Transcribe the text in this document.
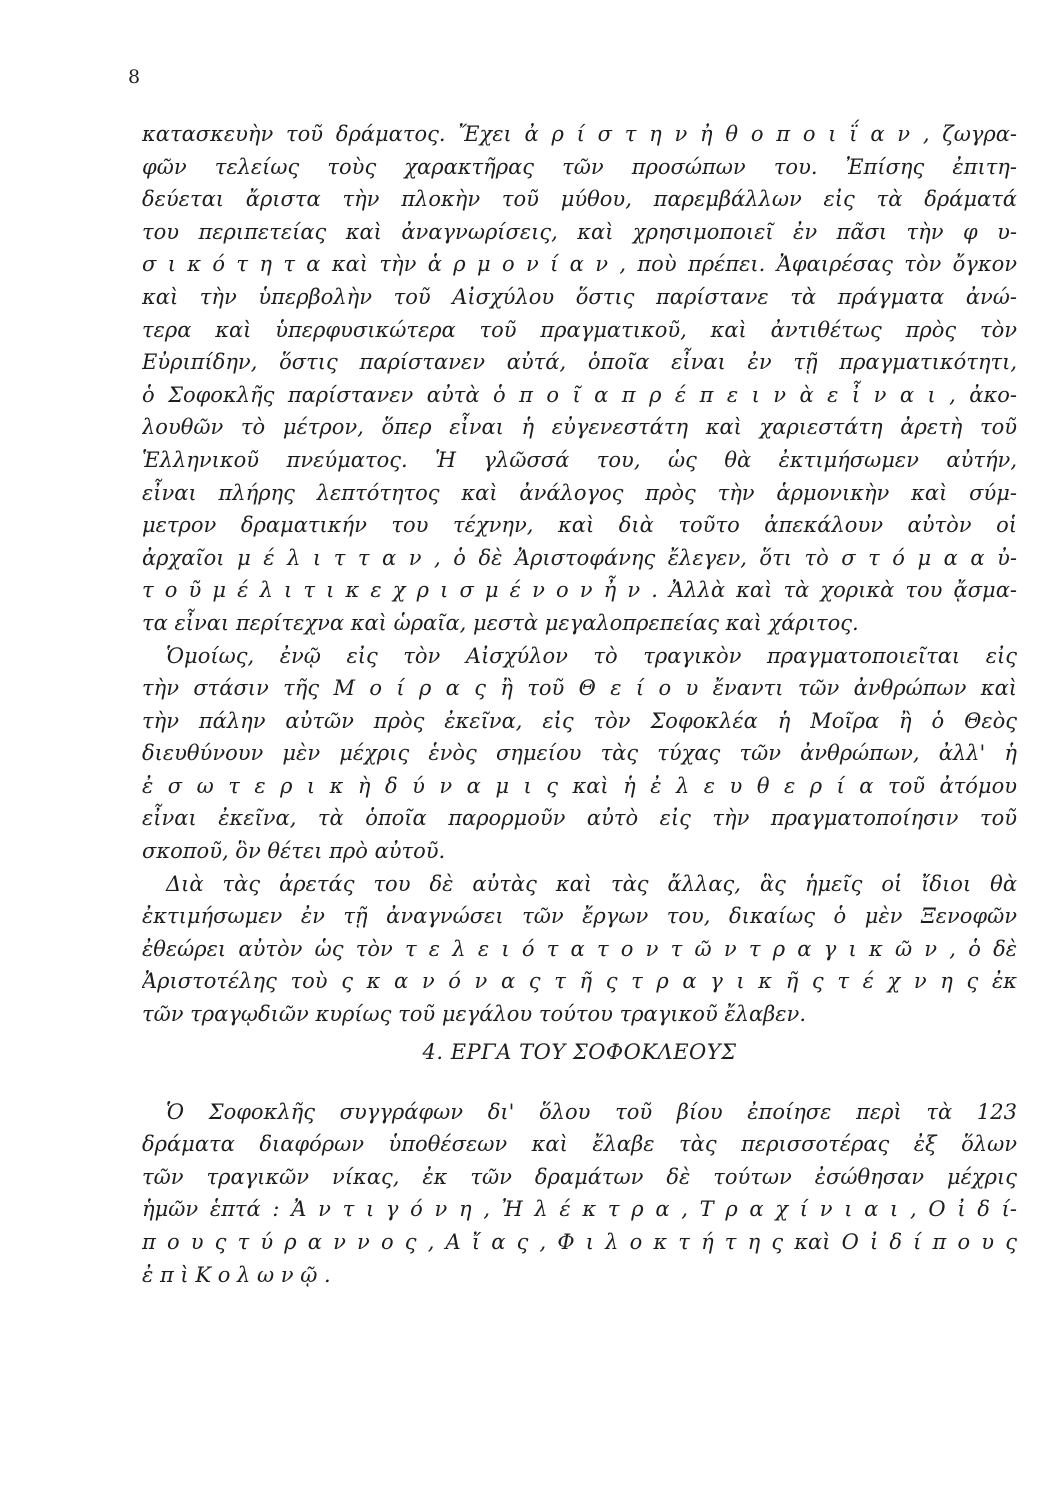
8
κατασκευὴν τοῦ δράματος. Ἔχει ἀ ρ ί σ τ η ν ἠ θ ο π ο ι ΐ α ν , ζωγρα-
φῶν τελείως τοὺς χαρακτῆρας τῶν προσώπων του. Ἐπίσης ἐπιτη-
δεύεται ἄριστα τὴν πλοκὴν τοῦ μύθου, παρεμβάλλων εἰς τὰ δράματά
του περιπετείας καὶ ἀναγνωρίσεις, καὶ χρησιμοποιεῖ ἐν πᾶσι τὴν φ υ-
σ ι κ ό τ η τ α καὶ τὴν ἁ ρ μ ο ν ί α ν , ποὺ πρέπει. Ἀφαιρέσας τὸν ὄγκον
καὶ τὴν ὑπερβολὴν τοῦ Αἰσχύλου ὅστις παρίστανε τὰ πράγματα ἀνώ-
τερα καὶ ὑπερφυσικώτερα τοῦ πραγματικοῦ, καὶ ἀντιθέτως πρὸς τὸν
Εὐριπίδην, ὅστις παρίστανεν αὐτά, ὁποῖα εἶναι ἐν τῇ πραγματικότητι,
ὁ Σοφοκλῆς παρίστανεν αὐτὰ ὁ π ο ῖ α π ρ έ π ε ι ν ὰ ε ἶ ν α ι , ἀκο-
λουθῶν τὸ μέτρον, ὅπερ εἶναι ἡ εὐγενεστάτη καὶ χαριεστάτη ἀρετὴ τοῦ
Ἑλληνικοῦ πνεύματος. Ἡ γλῶσσά του, ὡς θὰ ἐκτιμήσωμεν αὐτήν,
εἶναι πλήρης λεπτότητος καὶ ἀνάλογος πρὸς τὴν ἁρμονικὴν καὶ σύμ-
μετρον δραματικήν του τέχνην, καὶ διὰ τοῦτο ἀπεκάλουν αὐτὸν οἱ
ἀρχαῖοι μ έ λ ι τ τ α ν , ὁ δὲ Ἀριστοφάνης ἔλεγεν, ὅτι τὸ σ τ ό μ α α ὐ-
τ ο ῦ μ έ λ ι τ ι κ ε χ ρ ι σ μ έ ν ο ν ἦ ν . Ἀλλὰ καὶ τὰ χορικὰ του ᾄσμα-
τα εἶναι περίτεχνα καὶ ὡραῖα, μεστὰ μεγαλοπρεπείας καὶ χάριτος.
Ὁμοίως, ἐνῷ εἰς τὸν Αἰσχύλον τὸ τραγικὸν πραγματοποιεῖται εἰς
τὴν στάσιν τῆς Μ ο ί ρ α ς ἢ τοῦ Θ ε ί ο υ ἔναντι τῶν ἀνθρώπων καὶ
τὴν πάλην αὐτῶν πρὸς ἐκεῖνα, εἰς τὸν Σοφοκλέα ἡ Μοῖρα ἢ ὁ Θεὸς
διευθύνουν μὲν μέχρις ἑνὸς σημείου τὰς τύχας τῶν ἀνθρώπων, ἀλλ' ἡ
ἐ σ ω τ ε ρ ι κ ὴ δ ύ ν α μ ι ς καὶ ἡ ἐ λ ε υ θ ε ρ ί α τοῦ ἀτόμου
εἶναι ἐκεῖνα, τὰ ὁποῖα παρορμοῦν αὐτὸ εἰς τὴν πραγματοποίησιν τοῦ
σκοποῦ, ὃν θέτει πρὸ αὐτοῦ.
Διὰ τὰς ἀρετάς του δὲ αὐτὰς καὶ τὰς ἄλλας, ἃς ἡμεῖς οἱ ἴδιοι θὰ
ἐκτιμήσωμεν ἐν τῇ ἀναγνώσει τῶν ἔργων του, δικαίως ὁ μὲν Ξενοφῶν
ἐθεώρει αὐτὸν ὡς τὸν τ ε λ ε ι ό τ α τ ο ν τ ῶ ν τ ρ α γ ι κ ῶ ν , ὁ δὲ
Ἀριστοτέλης τοὺ ς κ α ν ό ν α ς τ ῆ ς τ ρ α γ ι κ ῆ ς τ έ χ ν η ς ἐκ
τῶν τραγῳδιῶν κυρίως τοῦ μεγάλου τούτου τραγικοῦ ἔλαβεν.
4. ΕΡΓΑ ΤΟΥ ΣΟΦΟΚΛΕΟΥΣ
Ὁ Σοφοκλῆς συγγράφων δι' ὅλου τοῦ βίου ἐποίησε περὶ τὰ 123
δράματα διαφόρων ὑποθέσεων καὶ ἔλαβε τὰς περισσοτέρας ἐξ ὅλων
τῶν τραγικῶν νίκας, ἐκ τῶν δραμάτων δὲ τούτων ἐσώθησαν μέχρις
ἡμῶν ἑπτά : Ἀ ν τ ι γ ό ν η , Ἠ λ έ κ τ ρ α , Τ ρ α χ ί ν ι α ι , Ο ἰ δ ί-
π ο υ ς τ ύ ρ α ν ν ο ς , Α ἴ α ς , Φ ι λ ο κ τ ή τ η ς καὶ Ο ἰ δ ί π ο υ ς
ἐ π ὶ Κ ο λ ω ν ῷ .
